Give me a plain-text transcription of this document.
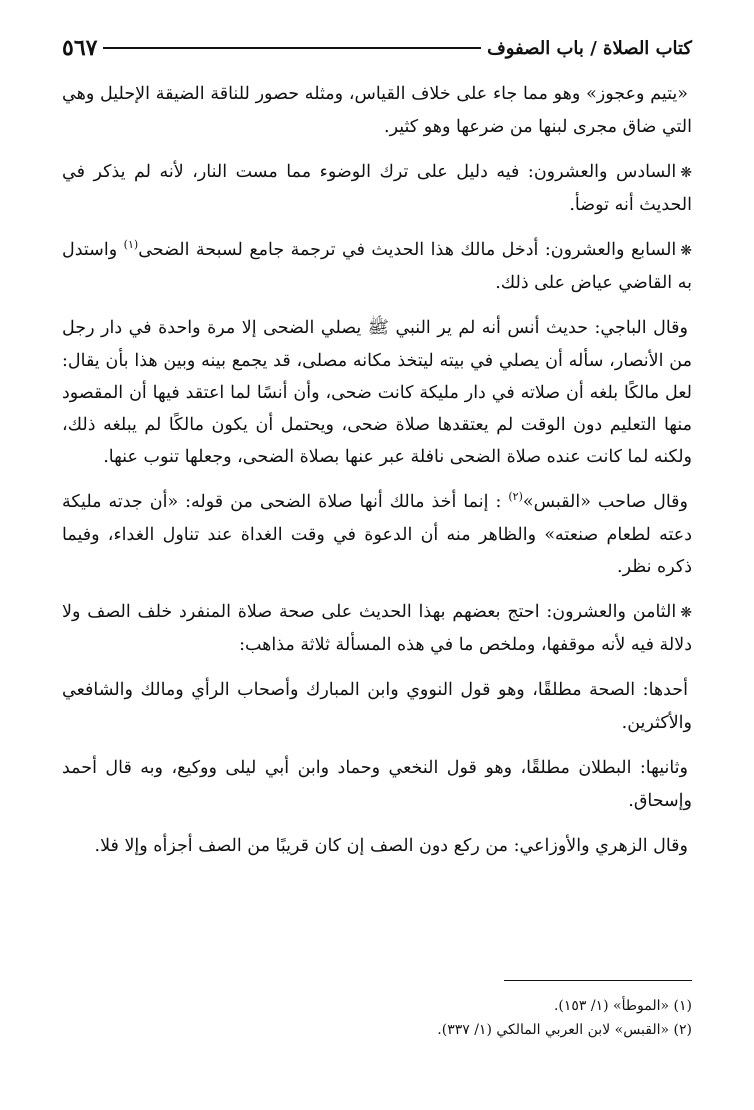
كتاب الصلاة / باب الصفوف
٥٦٧

«يتيم وعجوز» وهو مما جاء على خلاف القياس، ومثله حصور للناقة الضيقة الإحليل وهي التي ضاق مجرى لبنها من ضرعها وهو كثير.

❋السادس والعشرون: فيه دليل على ترك الوضوء مما مست النار، لأنه لم يذكر في الحديث أنه توضأ.

❋السابع والعشرون: أدخل مالك هذا الحديث في ترجمة جامع لسبحة الضحى$^{(١)}$ واستدل به القاضي عياض على ذلك.

وقال الباجي: حديث أنس أنه لم ير النبي ﷺ يصلي الضحى إلا مرة واحدة في دار رجل من الأنصار، سأله أن يصلي في بيته ليتخذ مكانه مصلى، قد يجمع بينه وبين هذا بأن يقال: لعل مالكًا بلغه أن صلاته في دار مليكة كانت ضحى، وأن أنسًا لما اعتقد فيها أن المقصود منها التعليم دون الوقت لم يعتقدها صلاة ضحى، ويحتمل أن يكون مالكًا لم يبلغه ذلك، ولكنه لما كانت عنده صلاة الضحى نافلة عبر عنها بصلاة الضحى، وجعلها تنوب عنها.

وقال صاحب «القبس»$^{(٢)}$ : إنما أخذ مالك أنها صلاة الضحى من قوله: «أن جدته مليكة دعته لطعام صنعته» والظاهر منه أن الدعوة في وقت الغداة عند تناول الغداء، وفيما ذكره نظر.

❋الثامن والعشرون: احتج بعضهم بهذا الحديث على صحة صلاة المنفرد خلف الصف ولا دلالة فيه لأنه موقفها، وملخص ما في هذه المسألة ثلاثة مذاهب:

أحدها: الصحة مطلقًا، وهو قول النووي وابن المبارك وأصحاب الرأي ومالك والشافعي والأكثرين.

وثانيها: البطلان مطلقًا، وهو قول النخعي وحماد وابن أبي ليلى ووكيع، وبه قال أحمد وإسحاق.

وقال الزهري والأوزاعي: من ركع دون الصف إن كان قريبًا من الصف أجزأه وإلا فلا.

(١) «الموطأ» (١/ ١٥٣).
(٢) «القبس» لابن العربي المالكي (١/ ٣٣٧).
